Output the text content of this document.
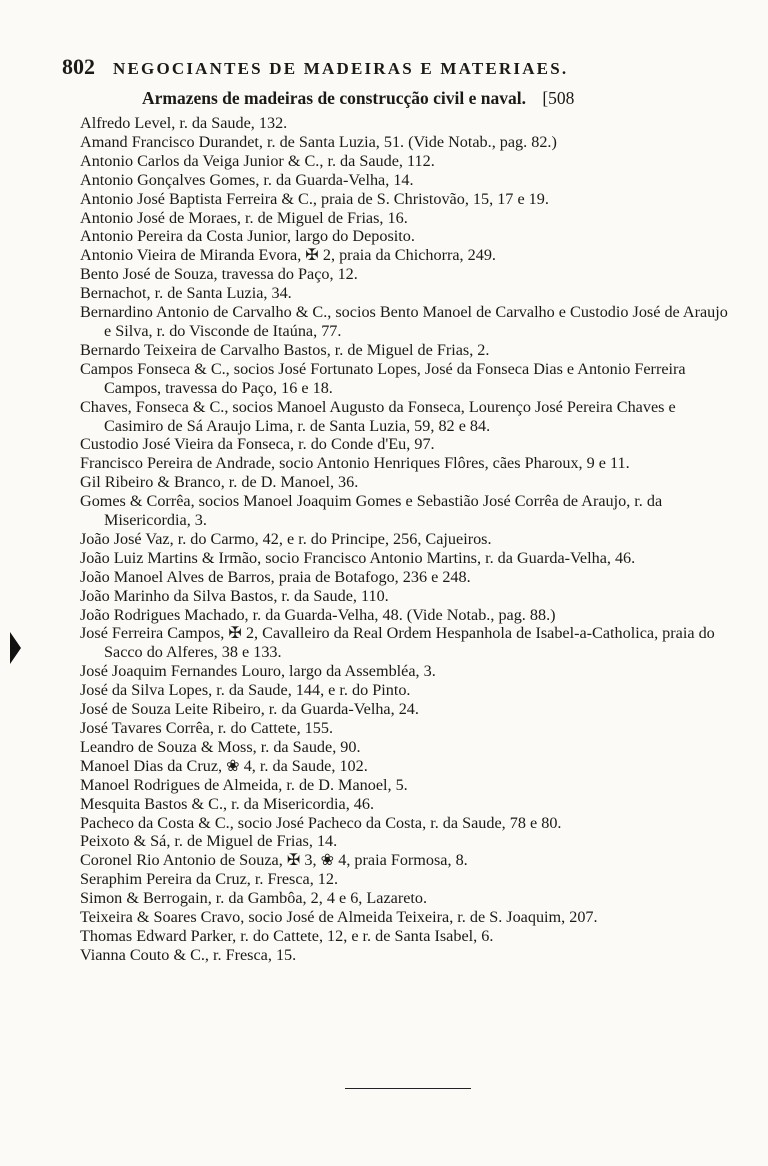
802 NEGOCIANTES DE MADEIRAS E MATERIAES.
Armazens de madeiras de construcção civil e naval. [508
Alfredo Level, r. da Saude, 132.
Amand Francisco Durandet, r. de Santa Luzia, 51. (Vide Notab., pag. 82.)
Antonio Carlos da Veiga Junior & C., r. da Saude, 112.
Antonio Gonçalves Gomes, r. da Guarda-Velha, 14.
Antonio José Baptista Ferreira & C., praia de S. Christovão, 15, 17 e 19.
Antonio José de Moraes, r. de Miguel de Frias, 16.
Antonio Pereira da Costa Junior, largo do Deposito.
Antonio Vieira de Miranda Evora, ✠ 2, praia da Chichorra, 249.
Bento José de Souza, travessa do Paço, 12.
Bernachot, r. de Santa Luzia, 34.
Bernardino Antonio de Carvalho & C., socios Bento Manoel de Carvalho e Custodio José de Araujo e Silva, r. do Visconde de Itaúna, 77.
Bernardo Teixeira de Carvalho Bastos, r. de Miguel de Frias, 2.
Campos Fonseca & C., socios José Fortunato Lopes, José da Fonseca Dias e Antonio Ferreira Campos, travessa do Paço, 16 e 18.
Chaves, Fonseca & C., socios Manoel Augusto da Fonseca, Lourenço José Pereira Chaves e Casimiro de Sá Araujo Lima, r. de Santa Luzia, 59, 82 e 84.
Custodio José Vieira da Fonseca, r. do Conde d'Eu, 97.
Francisco Pereira de Andrade, socio Antonio Henriques Flôres, cães Pharoux, 9 e 11.
Gil Ribeiro & Branco, r. de D. Manoel, 36.
Gomes & Corrêa, socios Manoel Joaquim Gomes e Sebastião José Corrêa de Araujo, r. da Misericordia, 3.
João José Vaz, r. do Carmo, 42, e r. do Principe, 256, Cajueiros.
João Luiz Martins & Irmão, socio Francisco Antonio Martins, r. da Guarda-Velha, 46.
João Manoel Alves de Barros, praia de Botafogo, 236 e 248.
João Marinho da Silva Bastos, r. da Saude, 110.
João Rodrigues Machado, r. da Guarda-Velha, 48. (Vide Notab., pag. 88.)
José Ferreira Campos, ✠ 2, Cavalleiro da Real Ordem Hespanhola de Isabel-a-Catholica, praia do Sacco do Alferes, 38 e 133.
José Joaquim Fernandes Louro, largo da Assembléa, 3.
José da Silva Lopes, r. da Saude, 144, e r. do Pinto.
José de Souza Leite Ribeiro, r. da Guarda-Velha, 24.
José Tavares Corrêa, r. do Cattete, 155.
Leandro de Souza & Moss, r. da Saude, 90.
Manoel Dias da Cruz, ❀ 4, r. da Saude, 102.
Manoel Rodrigues de Almeida, r. de D. Manoel, 5.
Mesquita Bastos & C., r. da Misericordia, 46.
Pacheco da Costa & C., socio José Pacheco da Costa, r. da Saude, 78 e 80.
Peixoto & Sá, r. de Miguel de Frias, 14.
Coronel Rio Antonio de Souza, ✠ 3, ❀ 4, praia Formosa, 8.
Seraphim Pereira da Cruz, r. Fresca, 12.
Simon & Berrogain, r. da Gambôa, 2, 4 e 6, Lazareto.
Teixeira & Soares Cravo, socio José de Almeida Teixeira, r. de S. Joaquim, 207.
Thomas Edward Parker, r. do Cattete, 12, e r. de Santa Isabel, 6.
Vianna Couto & C., r. Fresca, 15.
